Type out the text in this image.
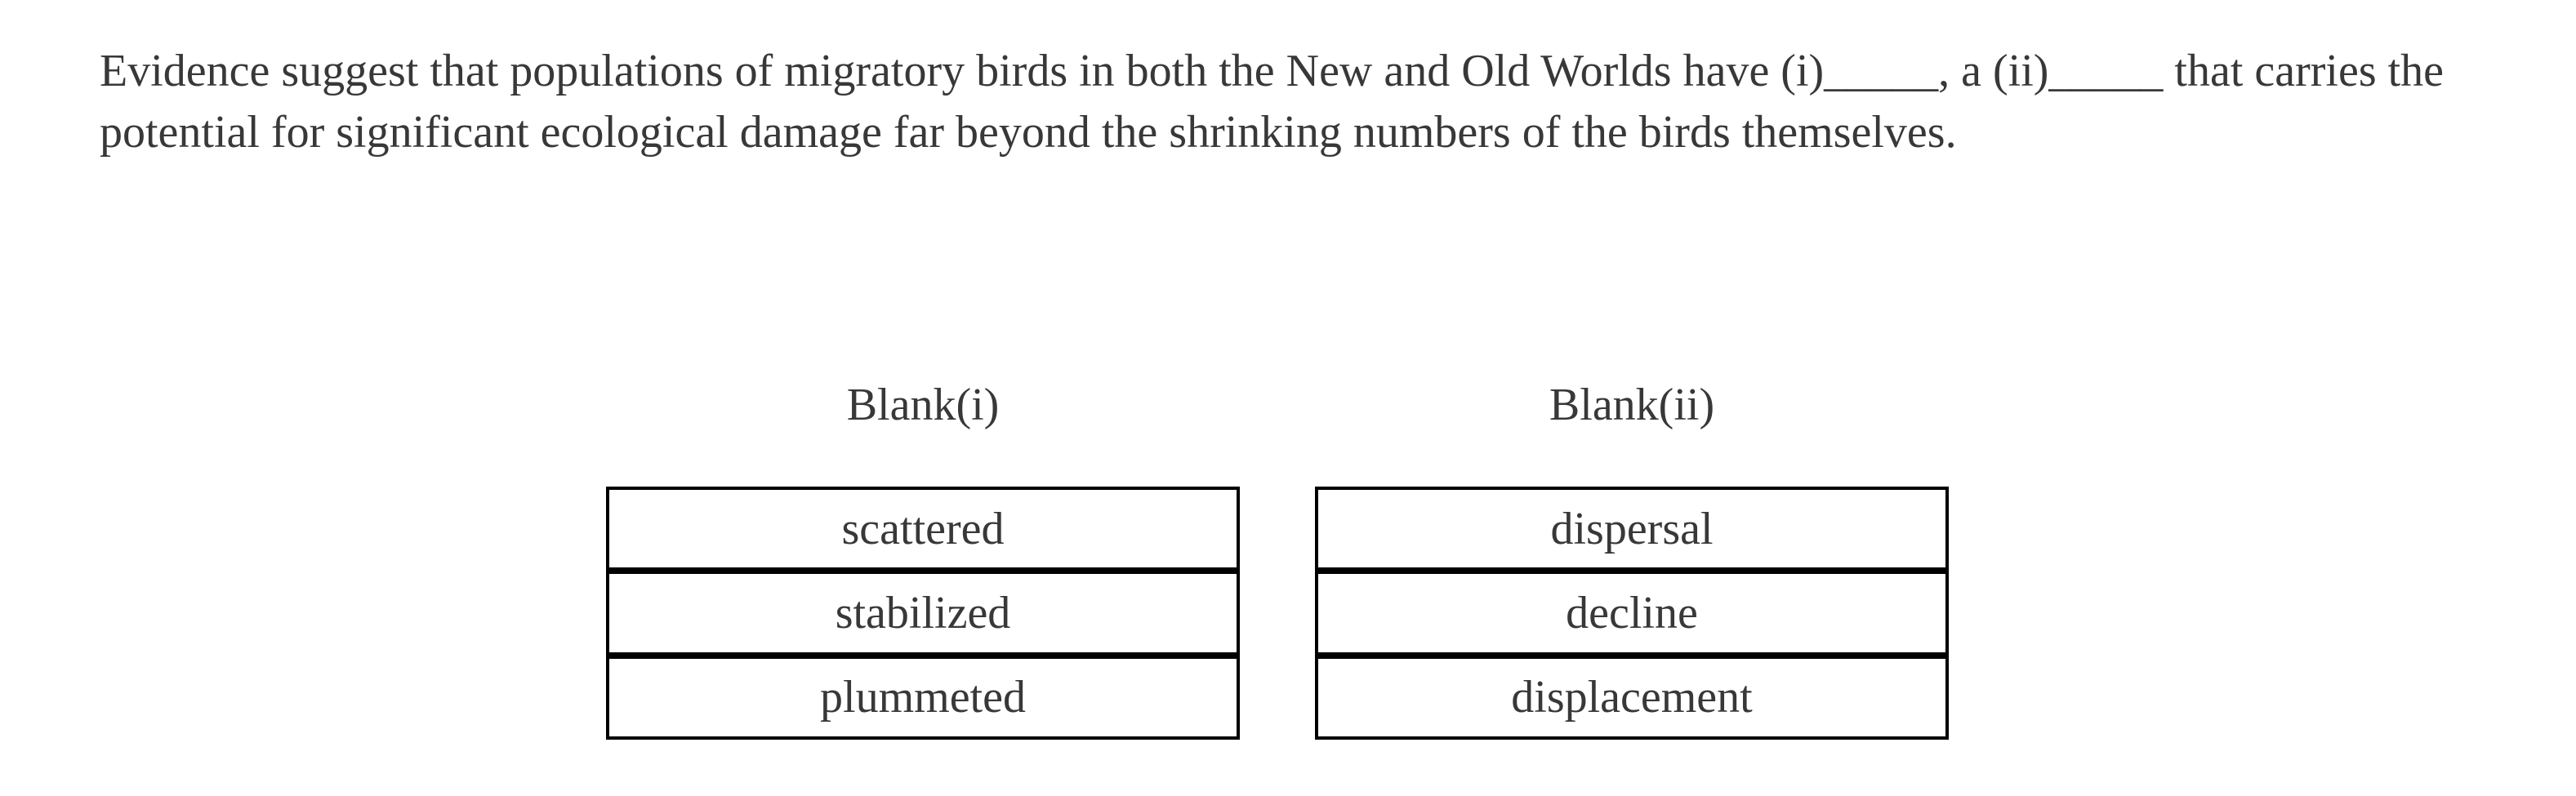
Evidence suggest that populations of migratory birds in both the New and Old Worlds have (i)_____, a (ii)_____ that carries the
potential for significant ecological damage far beyond the shrinking numbers of the birds themselves.
Blank(i)	Blank(ii)
scattered
stabilized
plummeted
dispersal
decline
displacement
